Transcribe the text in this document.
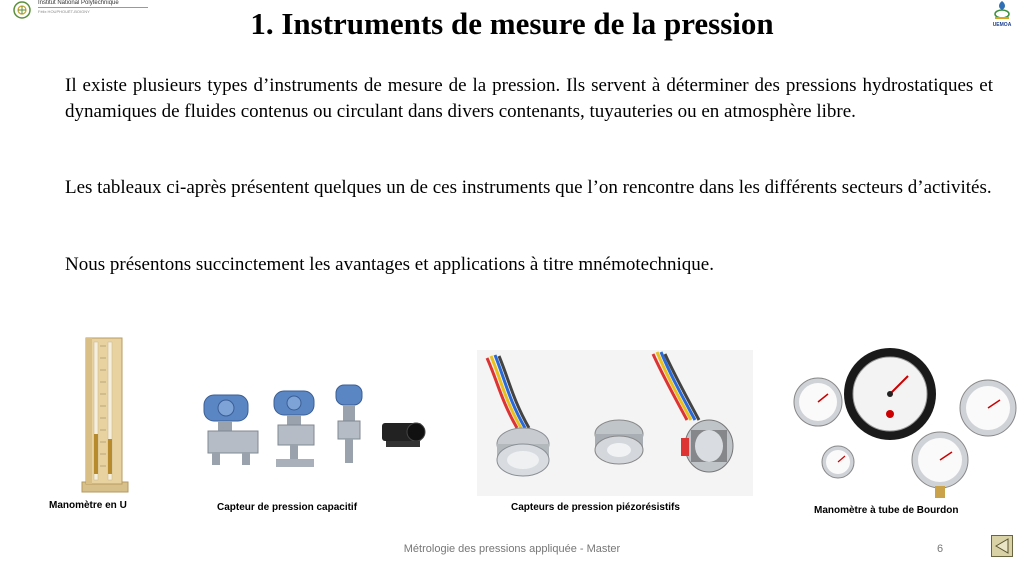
Institut National Polytechnique
Félix HOUPHOUËT-BOIGNY
UEMOA
1. Instruments de mesure de la pression

Il existe plusieurs types d’instruments de mesure de la pression. Ils servent à déterminer des pressions hydrostatiques et dynamiques de fluides contenus ou circulant dans divers contenants, tuyauteries ou en atmosphère libre.

Les tableaux ci-après présentent quelques un de ces instruments que l’on rencontre dans les différents secteurs d’activités.

Nous présentons succinctement les avantages et applications à titre mnémotechnique.

Manomètre en U	Capteur de pression capacitif	Capteurs de pression piézorésistifs	Manomètre à tube de Bourdon
Métrologie des pressions appliquée - Master	6
